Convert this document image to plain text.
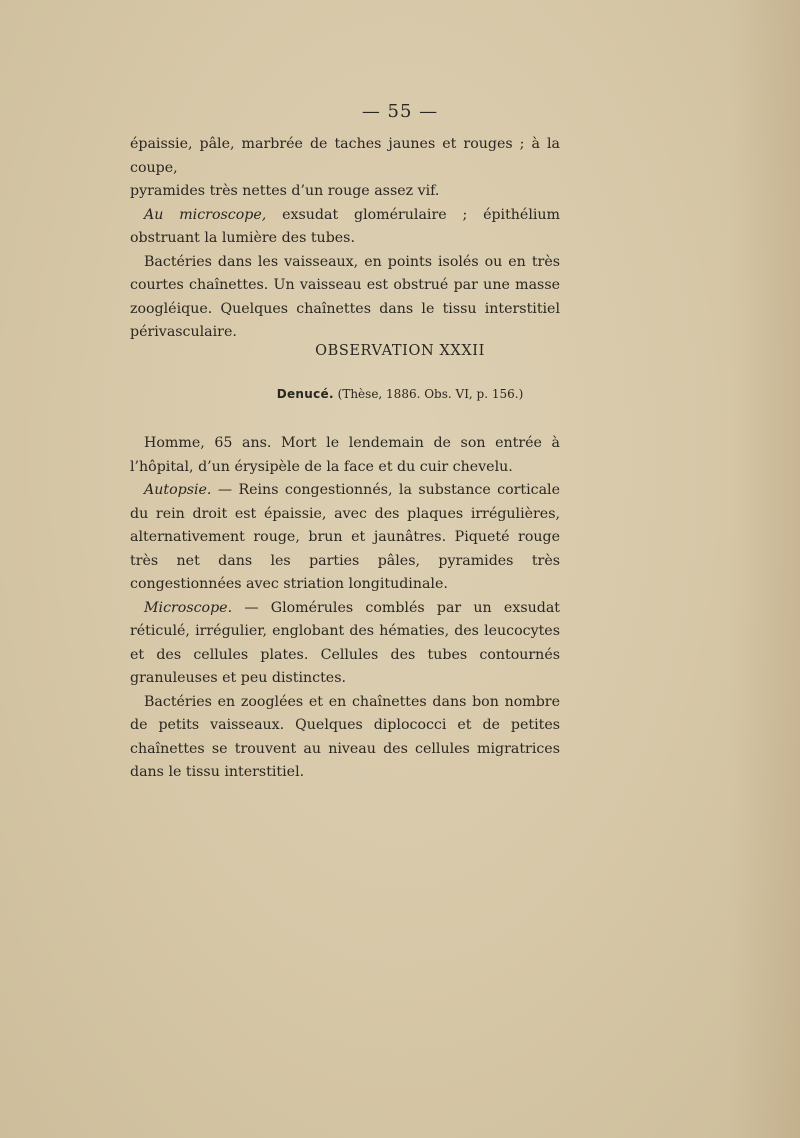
— 55 —

épaissie, pâle, marbrée de taches jaunes et rouges ; à la coupe,
pyramides très nettes d’un rouge assez vif.

Au microscope, exsudat glomérulaire ; épithélium obstruant la lumière des tubes.

Bactéries dans les vaisseaux, en points isolés ou en très courtes chaînettes. Un vaisseau est obstrué par une masse zoogléique. Quelques chaînettes dans le tissu interstitiel périvasculaire.

OBSERVATION XXXII
Denucé. (Thèse, 1886. Obs. VI, p. 156.)

Homme, 65 ans. Mort le lendemain de son entrée à l’hôpital, d’un érysipèle de la face et du cuir chevelu.

Autopsie. — Reins congestionnés, la substance corticale du rein droit est épaissie, avec des plaques irrégulières, alternativement rouge, brun et jaunâtres. Piqueté rouge très net dans les parties pâles, pyramides très congestionnées avec striation longitudinale.

Microscope. — Glomérules comblés par un exsudat réticulé, irrégulier, englobant des hématies, des leucocytes et des cellules plates. Cellules des tubes contournés granuleuses et peu distinctes.

Bactéries en zooglées et en chaînettes dans bon nombre de petits vaisseaux. Quelques diplococci et de petites chaînettes se trouvent au niveau des cellules migratrices dans le tissu interstitiel.
